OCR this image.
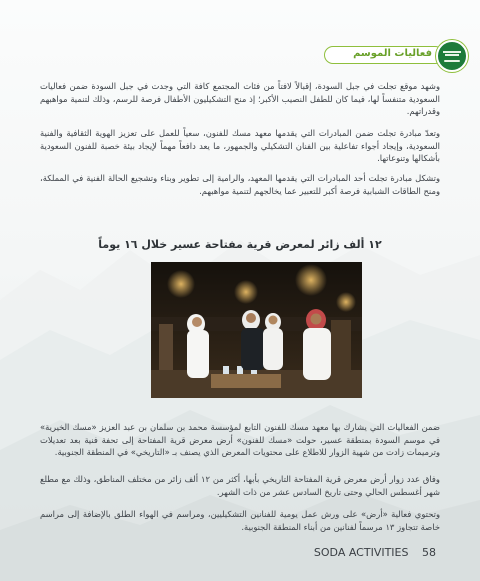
فعاليات الموسم

وشهد موقع تجلت في جبل السودة، إقبالاً لافتاً من فئات المجتمع كافة التي وجدت في جبل السودة ضمن فعاليات السعودية متنفساً لها، فيما كان للطفل النصيب الأكبر؛ إذ منح التشكيليون الأطفال فرصة للرسم، وذلك لتنمية مواهبهم وقدراتهم.

وتعدّ مبادرة تجلت ضمن المبادرات التي يقدمها معهد مسك للفنون، سعياً للعمل على تعزيز الهوية الثقافية والفنية السعودية، وإيجاد أجواء تفاعلية بين الفنان التشكيلي والجمهور، ما يعد دافعاً مهماً لإيجاد بيئة خصبة للفنون السعودية بأشكالها وتنوعاتها.

وتشكل مبادرة تجلت أحد المبادرات التي يقدمها المعهد، والرامية إلى تطوير وبناء وتشجيع الحالة الفنية في المملكة، ومنح الطاقات الشبابية فرصة أكبر للتعبير عما يخالجهم لتنمية مواهبهم.

١٢ ألف زائر لمعرض قرية مفتاحة عسير خلال ١٦ يوماً

ضمن الفعاليات التي يشارك بها معهد مسك للفنون التابع لمؤسسة محمد بن سلمان بن عبد العزيز «مسك الخيرية» في موسم السودة بمنطقة عسير، حولت «مسك للفنون» أرض معرض قرية المفتاحة إلى تحفة فنية بعد تعديلات وترميمات زادت من شهية الزوار للاطلاع على محتويات المعرض الذي يصنف بـ «التاريخي» في المنطقة الجنوبية.

وفاق عدد زوار أرض معرض قرية المفتاحة التاريخي بأبها، أكثر من ١٢ ألف زائر من مختلف المناطق، وذلك مع مطلع شهر أغسطس الحالي وحتى تاريخ السادس عشر من ذات الشهر.

وتحتوي فعالية «أرض» على ورش عمل يومية للفنانين التشكيليين، ومراسم في الهواء الطلق بالإضافة إلى مراسم خاصة تتجاوز ١٣ مرسماً لفنانين من أبناء المنطقة الجنوبية.

SODA ACTIVITIES 58
